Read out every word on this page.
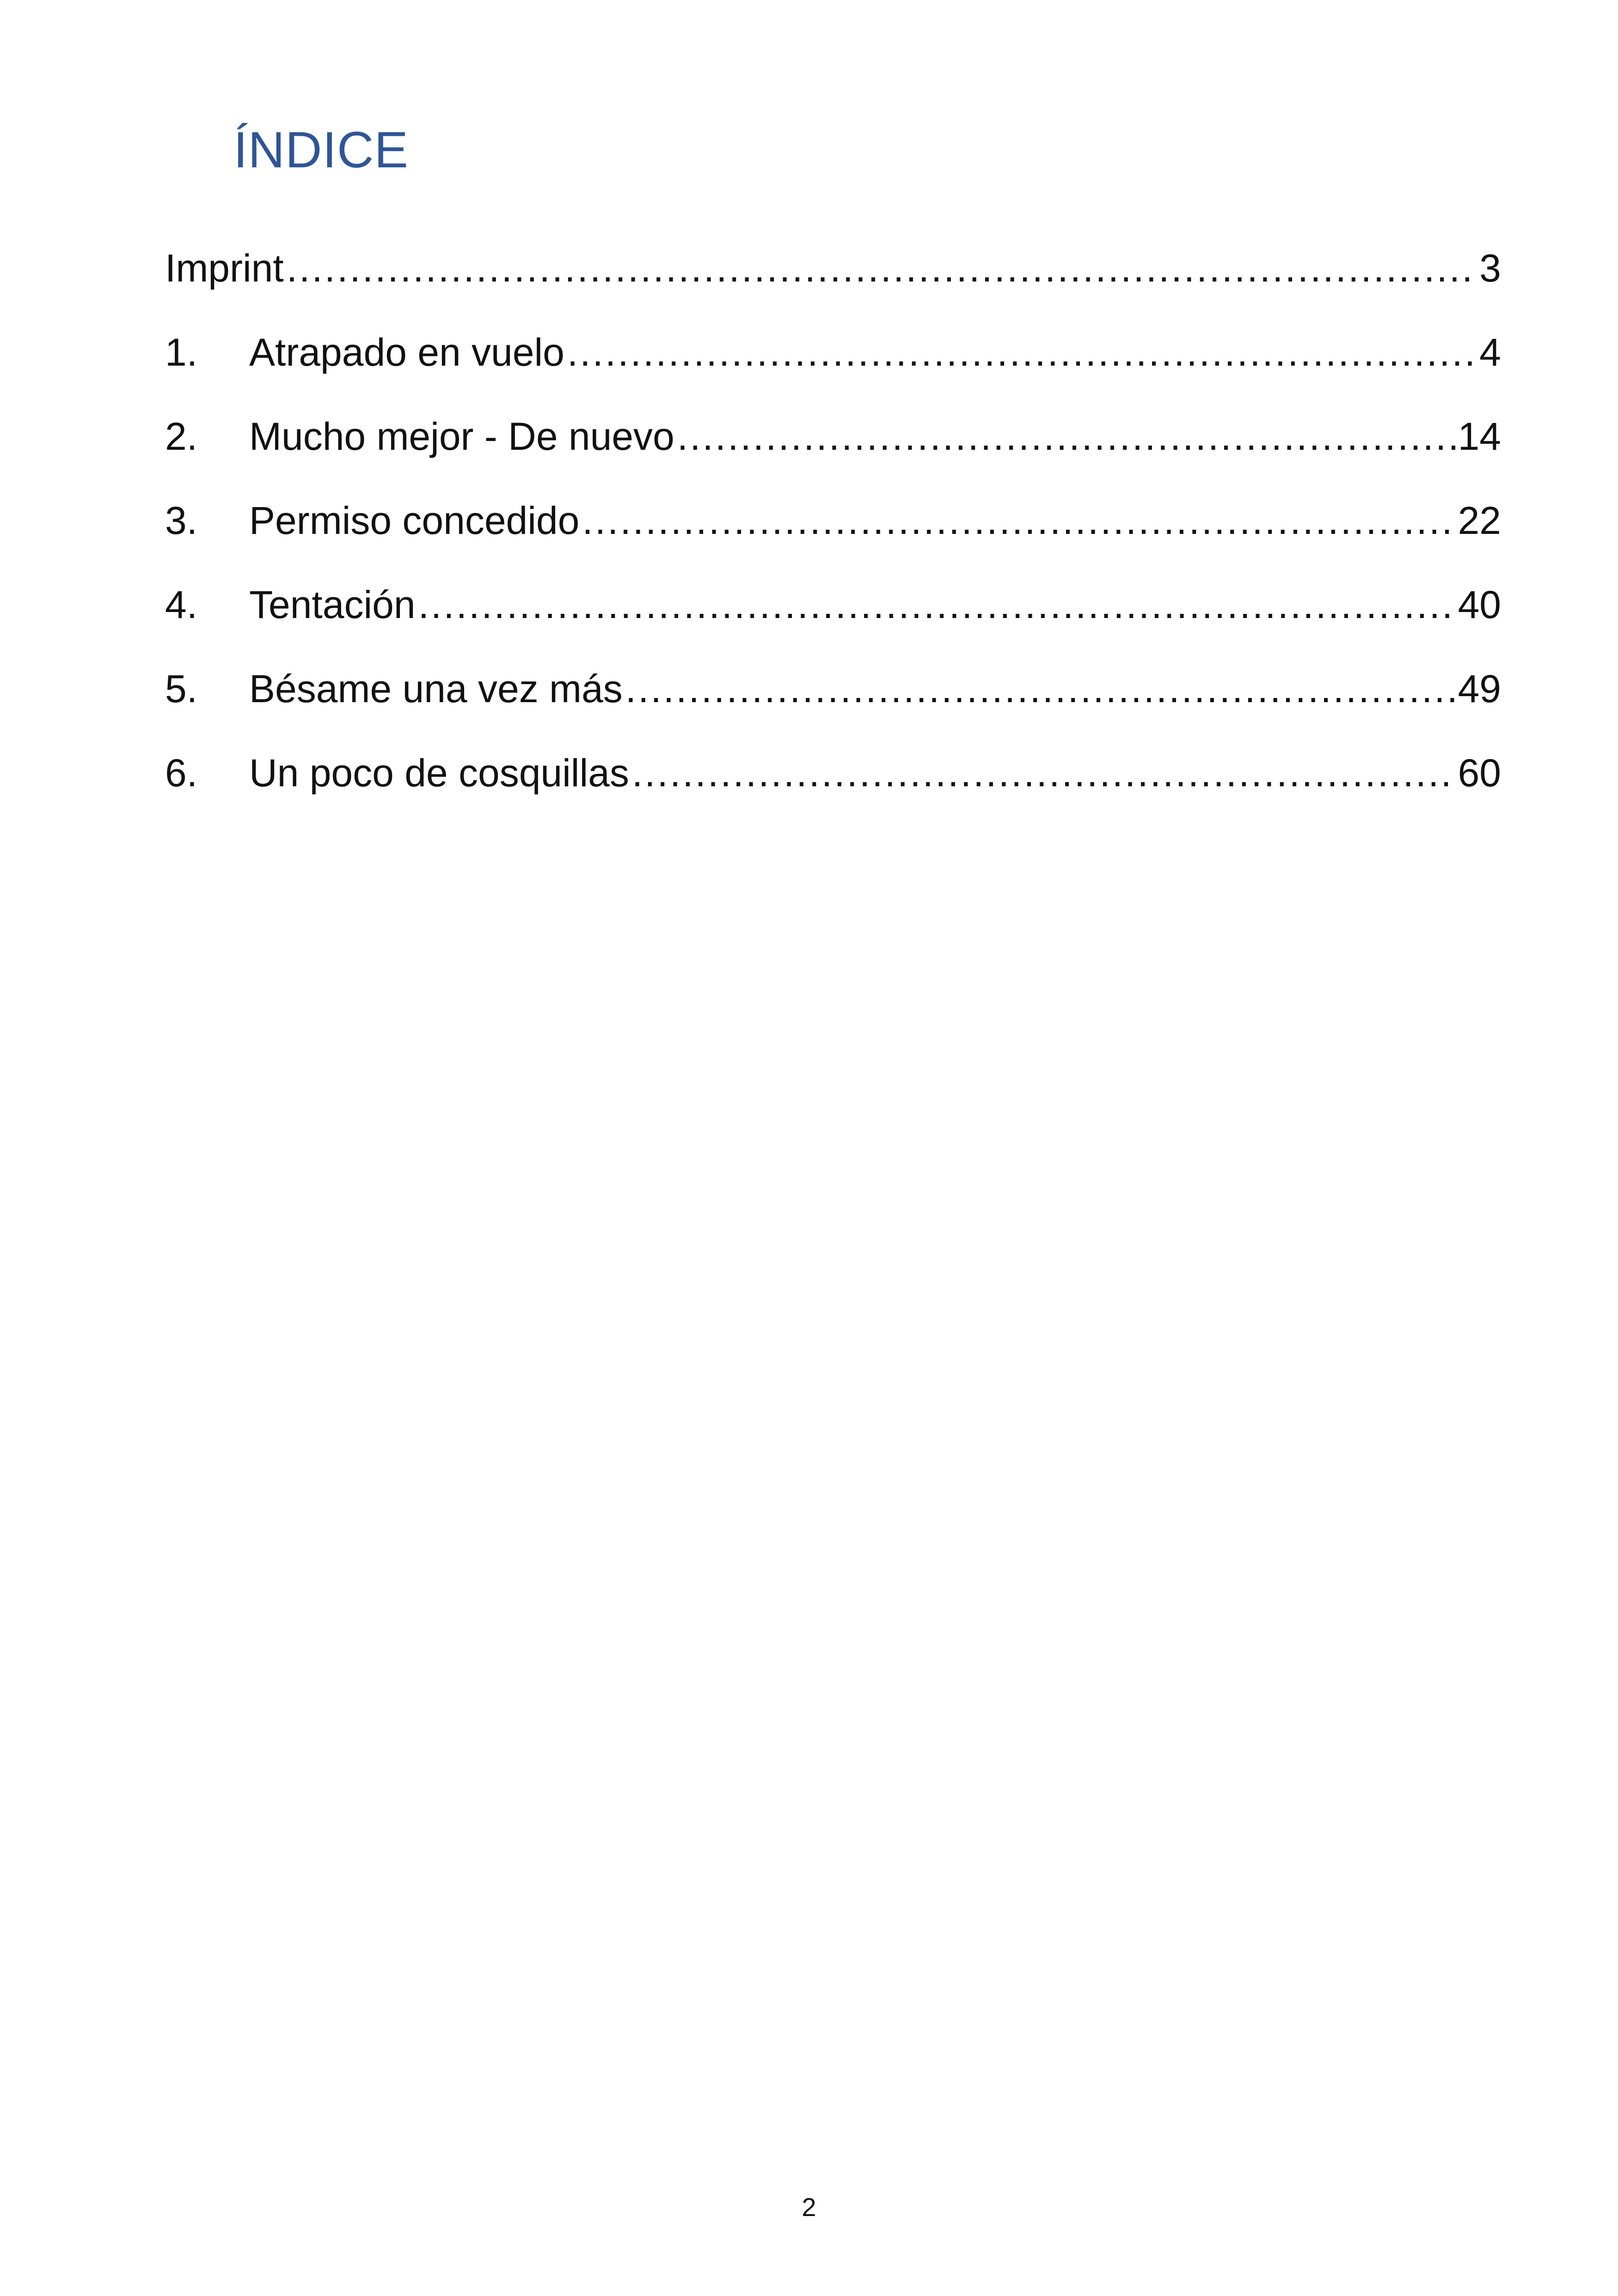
ÍNDICE
Imprint .....	3
1.	Atrapado en vuelo .....	4
2.	Mucho mejor - De nuevo .....	14
3.	Permiso concedido .....	22
4.	Tentación .....	40
5.	Bésame una vez más .....	49
6.	Un poco de cosquillas .....	60
2
